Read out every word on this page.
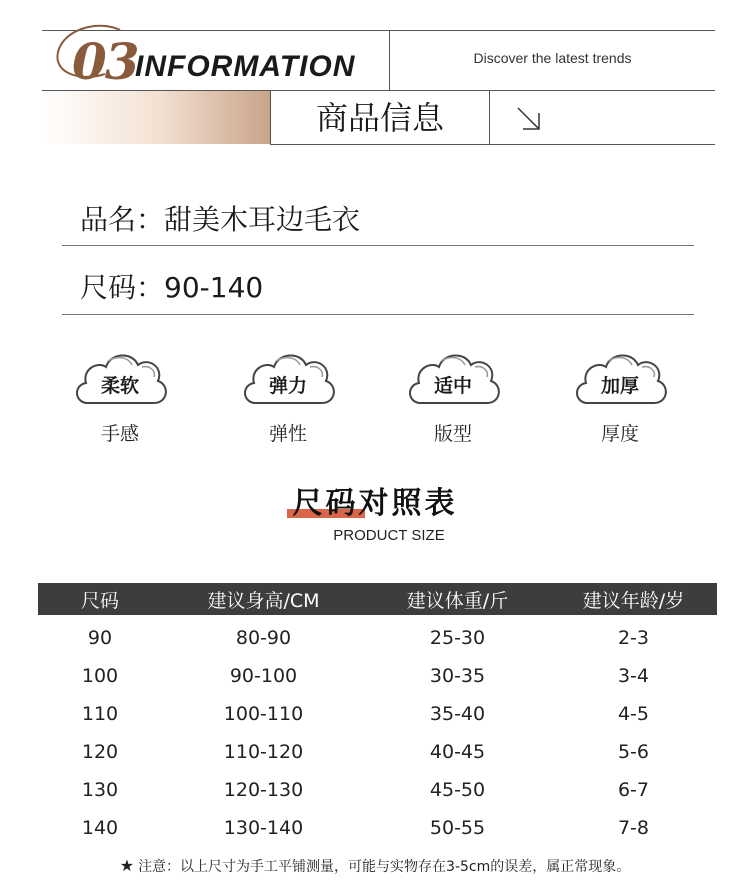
03
INFORMATION	Discover the latest trends
商品信息
品名：甜美木耳边毛衣
尺码：90-140
柔软
手感
弹力
弹性
适中
版型
加厚
厚度
尺码对照表
PRODUCT SIZE
尺码	建议身高/CM	建议体重/斤	建议年龄/岁
90	80-90	25-30	2-3
100	90-100	30-35	3-4
110	100-110	35-40	4-5
120	110-120	40-45	5-6
130	120-130	45-50	6-7
140	130-140	50-55	7-8
★ 注意：以上尺寸为手工平铺测量，可能与实物存在3-5cm的误差，属正常现象。
